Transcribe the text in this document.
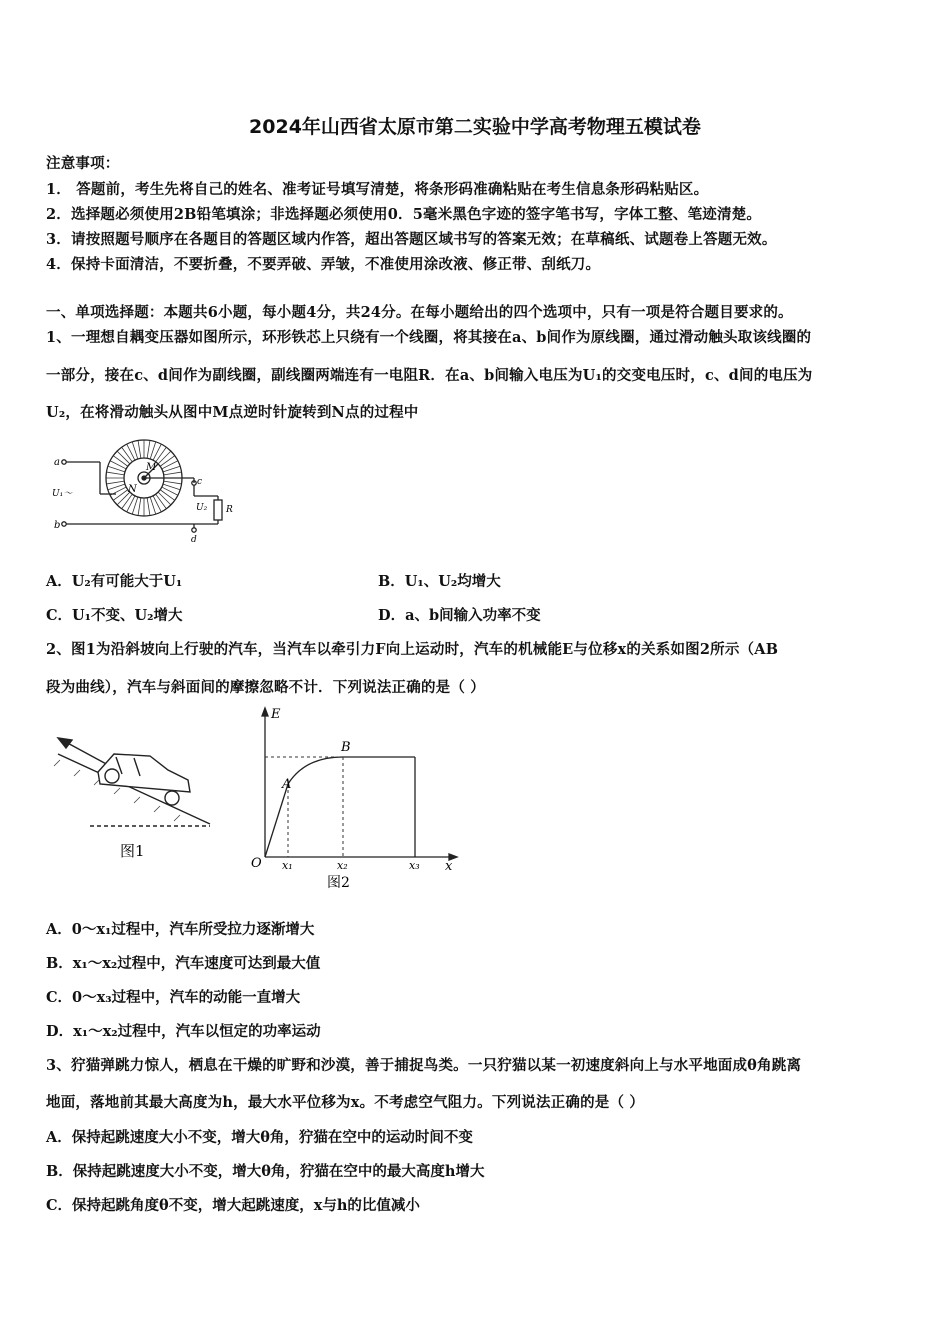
2024年山西省太原市第二实验中学高考物理五模试卷
注意事项：
1． 答题前，考生先将自己的姓名、准考证号填写清楚，将条形码准确粘贴在考生信息条形码粘贴区。
2．选择题必须使用2B铅笔填涂；非选择题必须使用0．5毫米黑色字迹的签字笔书写，字体工整、笔迹清楚。
3．请按照题号顺序在各题目的答题区域内作答，超出答题区域书写的答案无效；在草稿纸、试题卷上答题无效。
4．保持卡面清洁，不要折叠，不要弄破、弄皱，不准使用涂改液、修正带、刮纸刀。
一、单项选择题：本题共6小题，每小题4分，共24分。在每小题给出的四个选项中，只有一项是符合题目要求的。
1、一理想自耦变压器如图所示，环形铁芯上只绕有一个线圈，将其接在a、b间作为原线圈，通过滑动触头取该线圈的
一部分，接在c、d间作为副线圈，副线圈两端连有一电阻R．在a、b间输入电压为U₁的交变电压时，c、d间的电压为
U₂，在将滑动触头从图中M点逆时针旋转到N点的过程中
a
b
U₁～	N
M
c
U₂ R
d
A．U₂有可能大于U₁	B．U₁、U₂均增大
C．U₁不变、U₂增大	D．a、b间输入功率不变
2、图1为沿斜坡向上行驶的汽车，当汽车以牵引力F向上运动时，汽车的机械能E与位移x的关系如图2所示（AB
段为曲线），汽车与斜面间的摩擦忽略不计．下列说法正确的是（ ）
图1
E
x
O
A
B
x₁	x₂	x₃
图2
A．0～x₁过程中，汽车所受拉力逐渐增大
B．x₁～x₂过程中，汽车速度可达到最大值
C．0～x₃过程中，汽车的动能一直增大
D．x₁～x₂过程中，汽车以恒定的功率运动
3、狞猫弹跳力惊人，栖息在干燥的旷野和沙漠，善于捕捉鸟类。一只狞猫以某一初速度斜向上与水平地面成θ角跳离
地面，落地前其最大高度为h，最大水平位移为x。不考虑空气阻力。下列说法正确的是（ ）
A．保持起跳速度大小不变，增大θ角，狞猫在空中的运动时间不变
B．保持起跳速度大小不变，增大θ角，狞猫在空中的最大高度h增大
C．保持起跳角度θ不变，增大起跳速度，x与h的比值减小
